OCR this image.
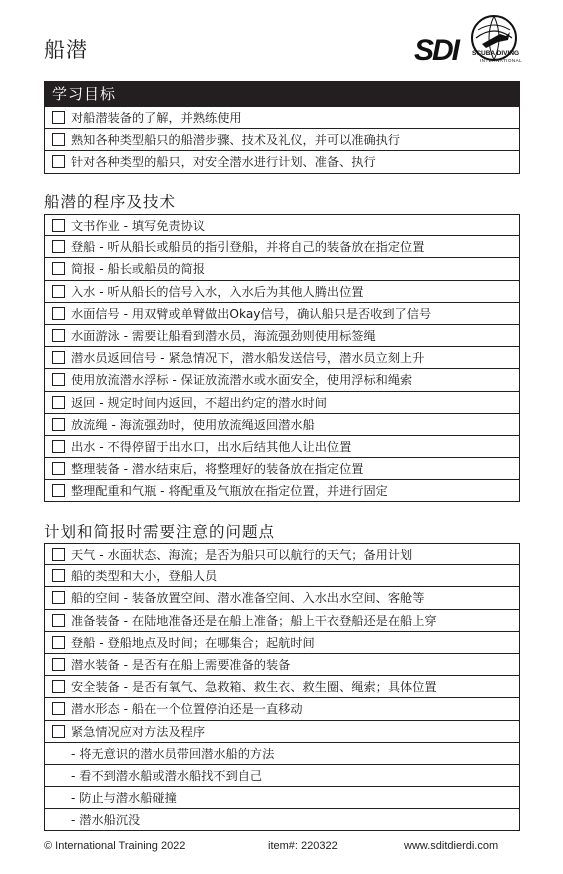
船潜	SDI SCUBA DIVING
INTERNATIONAL
学习目标
对船潜装备的了解，并熟练使用
熟知各种类型船只的船潜步骤、技术及礼仪，并可以准确执行
针对各种类型的船只，对安全潜水进行计划、准备、执行
船潜的程序及技术
文书作业 - 填写免责协议
登船 - 听从船长或船员的指引登船，并将自己的装备放在指定位置
简报 - 船长或船员的简报
入水 - 听从船长的信号入水，入水后为其他人腾出位置
水面信号 - 用双臂或单臂做出Okay信号，确认船只是否收到了信号
水面游泳 - 需要让船看到潜水员，海流强劲则使用标签绳
潜水员返回信号 - 紧急情况下，潜水船发送信号，潜水员立刻上升
使用放流潜水浮标 - 保证放流潜水或水面安全，使用浮标和绳索
返回 - 规定时间内返回，不超出约定的潜水时间
放流绳 - 海流强劲时，使用放流绳返回潜水船
出水 - 不得停留于出水口，出水后结其他人让出位置
整理装备 - 潜水结束后，将整理好的装备放在指定位置
整理配重和气瓶 - 将配重及气瓶放在指定位置，并进行固定
计划和简报时需要注意的问题点
天气 - 水面状态、海流；是否为船只可以航行的天气；备用计划
船的类型和大小，登船人员
船的空间 - 装备放置空间、潜水准备空间、入水出水空间、客舱等
准备装备 - 在陆地准备还是在船上准备；船上干衣登船还是在船上穿
登船 - 登船地点及时间；在哪集合；起航时间
潜水装备 - 是否有在船上需要准备的装备
安全装备 - 是否有氧气、急救箱、救生衣、救生圈、绳索；具体位置
潜水形态 - 船在一个位置停泊还是一直移动
紧急情况应对方法及程序
- 将无意识的潜水员带回潜水船的方法
- 看不到潜水船或潜水船找不到自己
- 防止与潜水船碰撞
- 潜水船沉没
© International Training 2022	item#: 220322	www.sditdierdi.com
